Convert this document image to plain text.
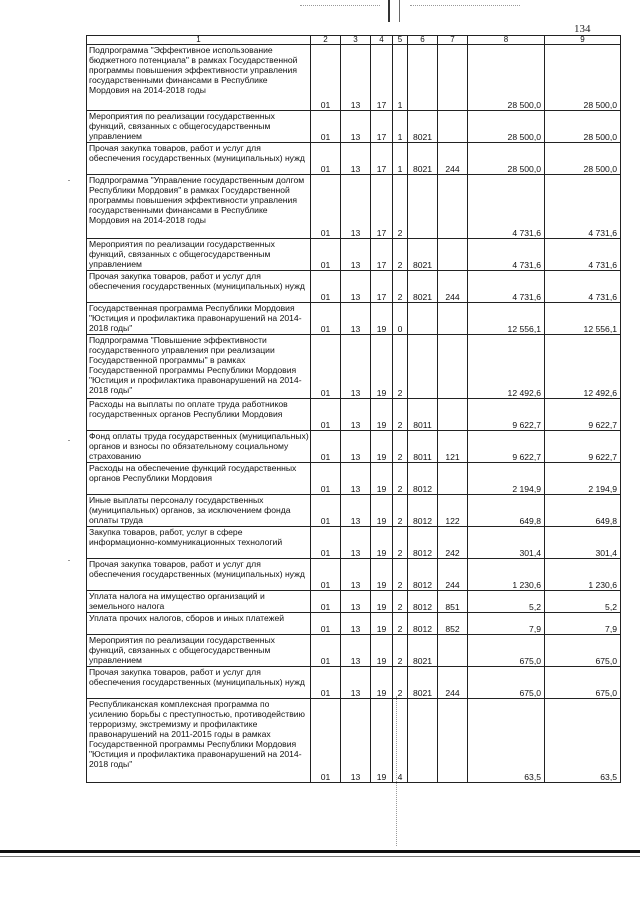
134
1	2	3	4	5	6	7	8	9
Подпрограмма "Эффективное использование бюджетного потенциала" в рамках Государственной программы повышения эффективности управления государственными финансами в Республике Мордовия на 2014-2018 годы	01	13	17	1			28 500,0	28 500,0
Мероприятия по реализации государственных функций, связанных с общегосударственным управлением	01	13	17	1	8021		28 500,0	28 500,0
Прочая закупка товаров, работ и услуг для обеспечения государственных (муниципальных) нужд	01	13	17	1	8021	244	28 500,0	28 500,0
Подпрограмма "Управление государственным долгом Республики Мордовия" в рамках Государственной программы повышения эффективности управления государственными финансами в Республике Мордовия на 2014-2018 годы	01	13	17	2			4 731,6	4 731,6
Мероприятия по реализации государственных функций, связанных с общегосударственным управлением	01	13	17	2	8021		4 731,6	4 731,6
Прочая закупка товаров, работ и услуг для обеспечения государственных (муниципальных) нужд	01	13	17	2	8021	244	4 731,6	4 731,6
Государственная программа Республики Мордовия "Юстиция и профилактика правонарушений на 2014-2018 годы"	01	13	19	0			12 556,1	12 556,1
Подпрограмма "Повышение эффективности государственного управления при реализации Государственной программы" в рамках Государственной программы Республики Мордовия "Юстиция и профилактика правонарушений на 2014-2018 годы"	01	13	19	2			12 492,6	12 492,6
Расходы на выплаты по оплате труда работников государственных органов Республики Мордовия	01	13	19	2	8011		9 622,7	9 622,7
Фонд оплаты труда государственных (муниципальных) органов и взносы по обязательному социальному страхованию	01	13	19	2	8011	121	9 622,7	9 622,7
Расходы на обеспечение функций государственных органов Республики Мордовия	01	13	19	2	8012		2 194,9	2 194,9
Иные выплаты персоналу государственных (муниципальных) органов, за исключением фонда оплаты труда	01	13	19	2	8012	122	649,8	649,8
Закупка товаров, работ, услуг в сфере информационно-коммуникационных технологий	01	13	19	2	8012	242	301,4	301,4
Прочая закупка товаров, работ и услуг для обеспечения государственных (муниципальных) нужд	01	13	19	2	8012	244	1 230,6	1 230,6
Уплата налога на имущество организаций и земельного налога	01	13	19	2	8012	851	5,2	5,2
Уплата прочих налогов, сборов и иных платежей	01	13	19	2	8012	852	7,9	7,9
Мероприятия по реализации государственных функций, связанных с общегосударственным управлением	01	13	19	2	8021		675,0	675,0
Прочая закупка товаров, работ и услуг для обеспечения государственных (муниципальных) нужд	01	13	19	2	8021	244	675,0	675,0
Республиканская комплексная программа по усилению борьбы с преступностью, противодействию терроризму, экстремизму и профилактике правонарушений на 2011-2015 годы в рамках Государственной программы Республики Мордовия "Юстиция и профилактика правонарушений на 2014-2018 годы"	01	13	19	4			63,5	63,5
